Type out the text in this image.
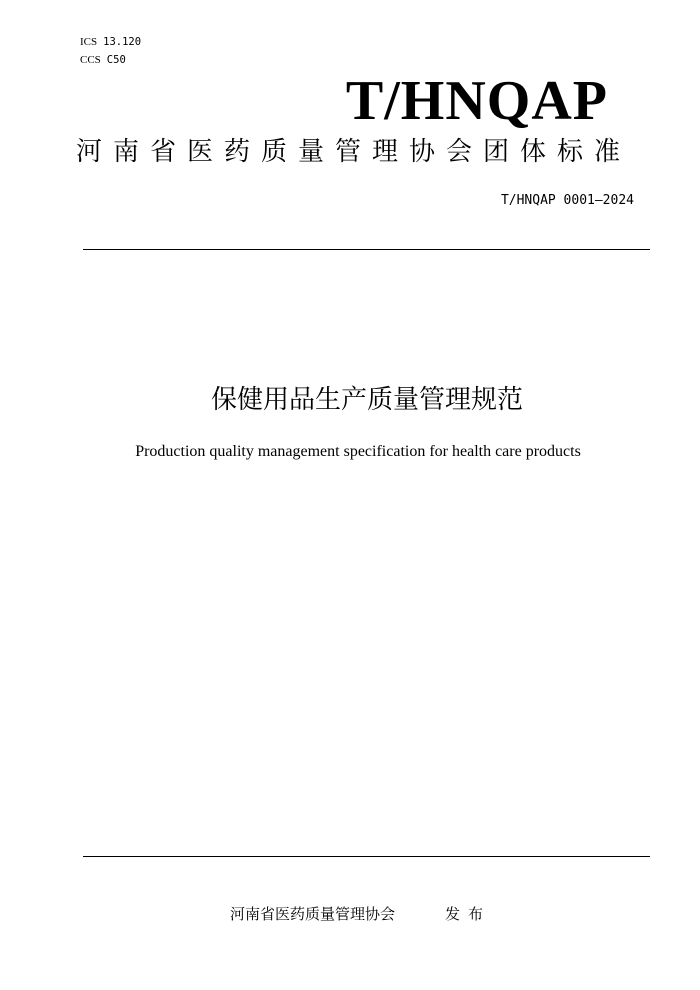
ICS 13.120
CCS C50
T/HNQAP
河南省医药质量管理协会团体标准
T/HNQAP 0001—2024
保健用品生产质量管理规范
Production quality management specification for health care products
河南省医药质量管理协会	发布
